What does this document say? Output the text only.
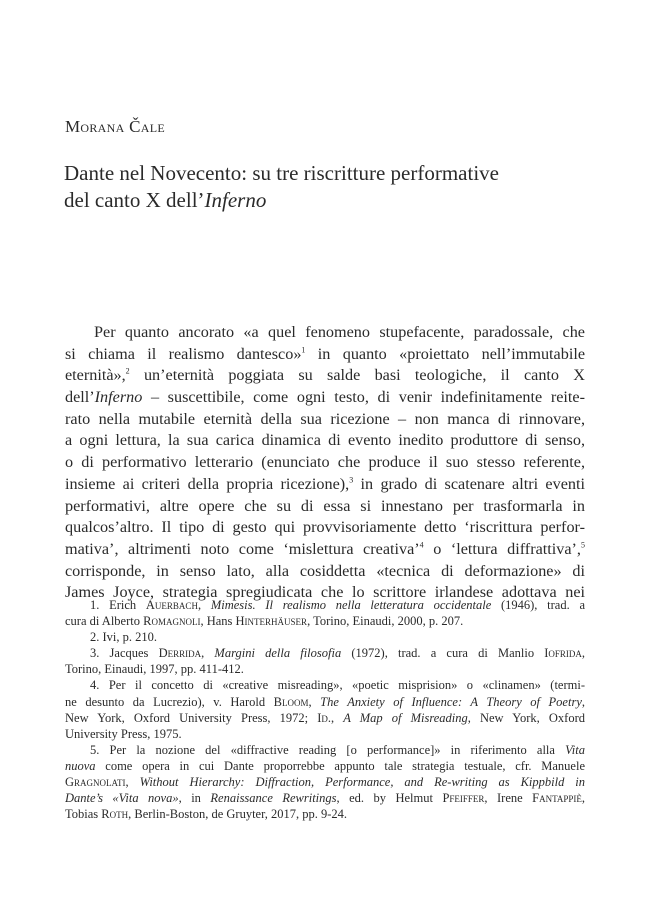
Morana Čale
Dante nel Novecento: su tre riscritture performative
del canto X dell’Inferno
Per quanto ancorato «a quel fenomeno stupefacente, paradossale, che
si chiama il realismo dantesco»$^1$ in quanto «proiettato nell’immutabile
eternità»,$^2$ un’eternità poggiata su salde basi teologiche, il canto X
dell’Inferno – suscettibile, come ogni testo, di venir indefinitamente reite-
rato nella mutabile eternità della sua ricezione – non manca di rinnovare,
a ogni lettura, la sua carica dinamica di evento inedito produttore di senso,
o di performativo letterario (enunciato che produce il suo stesso referente,
insieme ai criteri della propria ricezione),$^3$ in grado di scatenare altri eventi
performativi, altre opere che su di essa si innestano per trasformarla in
qualcos’altro. Il tipo di gesto qui provvisoriamente detto ‘riscrittura perfor-
mativa’, altrimenti noto come ‘mislettura creativa’$^4$ o ‘lettura diffrattiva’,$^5$
corrisponde, in senso lato, alla cosiddetta «tecnica di deformazione» di
James Joyce, strategia spregiudicata che lo scrittore irlandese adottava nei
1. Erich Auerbach, Mimesis. Il realismo nella letteratura occidentale (1946), trad. a
cura di Alberto Romagnoli, Hans Hinterhäuser, Torino, Einaudi, 2000, p. 207.
2. Ivi, p. 210.
3. Jacques Derrida, Margini della filosofia (1972), trad. a cura di Manlio Iofrida,
Torino, Einaudi, 1997, pp. 411-412.
4. Per il concetto di «creative misreading», «poetic misprision» o «clinamen» (termi-
ne desunto da Lucrezio), v. Harold Bloom, The Anxiety of Influence: A Theory of Poetry,
New York, Oxford University Press, 1972; Id., A Map of Misreading, New York, Oxford
University Press, 1975.
5. Per la nozione del «diffractive reading [o performance]» in riferimento alla Vita
nuova come opera in cui Dante proporrebbe appunto tale strategia testuale, cfr. Manuele
Gragnolati, Without Hierarchy: Diffraction, Performance, and Re-writing as Kippbild in
Dante’s «Vita nova», in Renaissance Rewritings, ed. by Helmut Pfeiffer, Irene Fantappiè,
Tobias Roth, Berlin-Boston, de Gruyter, 2017, pp. 9-24.
